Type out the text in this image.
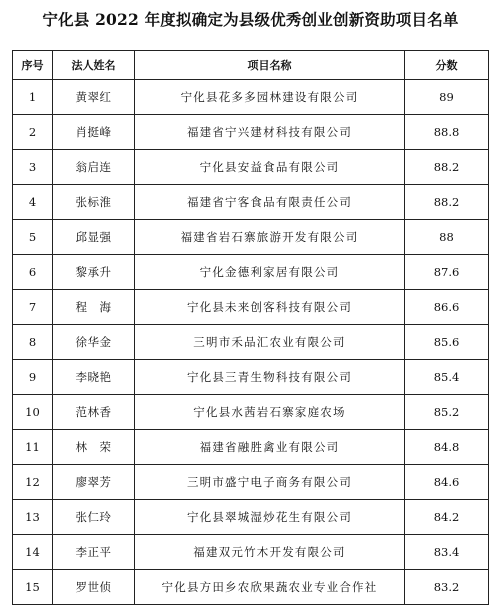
宁化县 2022 年度拟确定为县级优秀创业创新资助项目名单
序号	法人姓名	项目名称	分数
1	黄翠红	宁化县花多多园林建设有限公司	89
2	肖挺峰	福建省宁兴建材科技有限公司	88.8
3	翁启连	宁化县安益食品有限公司	88.2
4	张标淮	福建省宁客食品有限责任公司	88.2
5	邱显强	福建省岩石寨旅游开发有限公司	88
6	黎承升	宁化金德利家居有限公司	87.6
7	程　海	宁化县未来创客科技有限公司	86.6
8	徐华金	三明市禾品汇农业有限公司	85.6
9	李晓艳	宁化县三青生物科技有限公司	85.4
10	范林香	宁化县水茜岩石寨家庭农场	85.2
11	林　荣	福建省融胜禽业有限公司	84.8
12	廖翠芳	三明市盛宁电子商务有限公司	84.6
13	张仁玲	宁化县翠城湿炒花生有限公司	84.2
14	李正平	福建双元竹木开发有限公司	83.4
15	罗世侦	宁化县方田乡农欣果蔬农业专业合作社	83.2
